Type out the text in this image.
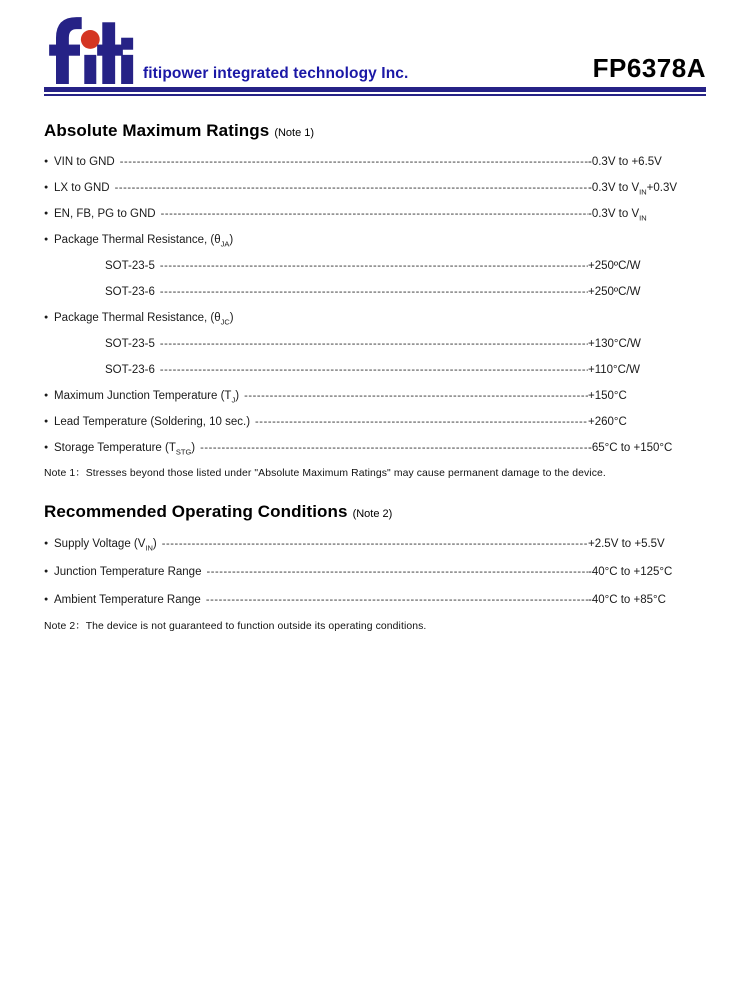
fitipower integrated technology Inc.	FP6378A
Absolute Maximum Ratings (Note 1)
●
VIN to GND -----	-0.3V to +6.5V
●
LX to GND -----	-0.3V to $V_{IN}+0.3V$
●
EN, FB, PG to GND -----	-0.3V to $V_{IN}$
●
Package Thermal Resistance, $(\theta_{JA})$
SOT-23-5 -----	+250ºC/W
SOT-23-6 -----	+250ºC/W
●
Package Thermal Resistance, $(\theta_{JC})$
SOT-23-5 -----	+130°C/W
SOT-23-6 -----	+110°C/W
●
Maximum Junction Temperature $(T_J)$ -----	+150°C
●
Lead Temperature (Soldering, 10 sec.) -----	+260°C
●
Storage Temperature $(T_{STG})$ -----	-65°C to +150°C
Note 1：Stresses beyond those listed under "Absolute Maximum Ratings" may cause permanent damage to the device.
Recommended Operating Conditions (Note 2)
●
Supply Voltage $(V_{IN})$ -----	+2.5V to +5.5V
●
Junction Temperature Range -----	-40°C to +125°C
●
Ambient Temperature Range -----	-40°C to +85°C
Note 2：The device is not guaranteed to function outside its operating conditions.
